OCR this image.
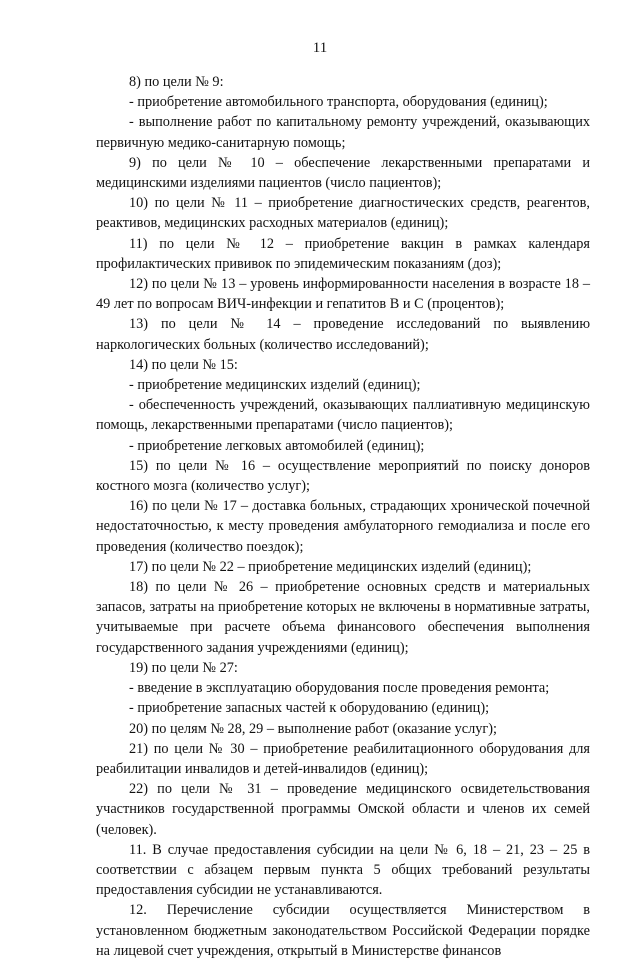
11

8) по цели № 9:

- приобретение автомобильного транспорта, оборудования (единиц);

- выполнение работ по капитальному ремонту учреждений, оказывающих первичную медико-санитарную помощь;

9) по цели № 10 – обеспечение лекарственными препаратами и медицинскими изделиями пациентов (число пациентов);

10) по цели № 11 – приобретение диагностических средств, реагентов, реактивов, медицинских расходных материалов (единиц);

11) по цели № 12 – приобретение вакцин в рамках календаря профилактических прививок по эпидемическим показаниям (доз);

12) по цели № 13 – уровень информированности населения в возрасте 18 – 49 лет по вопросам ВИЧ-инфекции и гепатитов В и С (процентов);

13) по цели № 14 – проведение исследований по выявлению наркологических больных (количество исследований);

14) по цели № 15:

- приобретение медицинских изделий (единиц);

- обеспеченность учреждений, оказывающих паллиативную медицинскую помощь, лекарственными препаратами (число пациентов);

- приобретение легковых автомобилей (единиц);

15) по цели № 16 – осуществление мероприятий по поиску доноров костного мозга (количество услуг);

16) по цели № 17 – доставка больных, страдающих хронической почечной недостаточностью, к месту проведения амбулаторного гемодиализа и после его проведения (количество поездок);

17) по цели № 22 – приобретение медицинских изделий (единиц);

18) по цели № 26 – приобретение основных средств и материальных запасов, затраты на приобретение которых не включены в нормативные затраты, учитываемые при расчете объема финансового обеспечения выполнения государственного задания учреждениями (единиц);

19) по цели № 27:

- введение в эксплуатацию оборудования после проведения ремонта;

- приобретение запасных частей к оборудованию (единиц);

20) по целям № 28, 29 – выполнение работ (оказание услуг);

21) по цели № 30 – приобретение реабилитационного оборудования для реабилитации инвалидов и детей-инвалидов (единиц);

22) по цели № 31 – проведение медицинского освидетельствования участников государственной программы Омской области и членов их семей (человек).

11. В случае предоставления субсидии на цели № 6, 18 – 21, 23 – 25 в соответствии с абзацем первым пункта 5 общих требований результаты предоставления субсидии не устанавливаются.

12. Перечисление субсидии осуществляется Министерством в установленном бюджетным законодательством Российской Федерации порядке на лицевой счет учреждения, открытый в Министерстве финансов
